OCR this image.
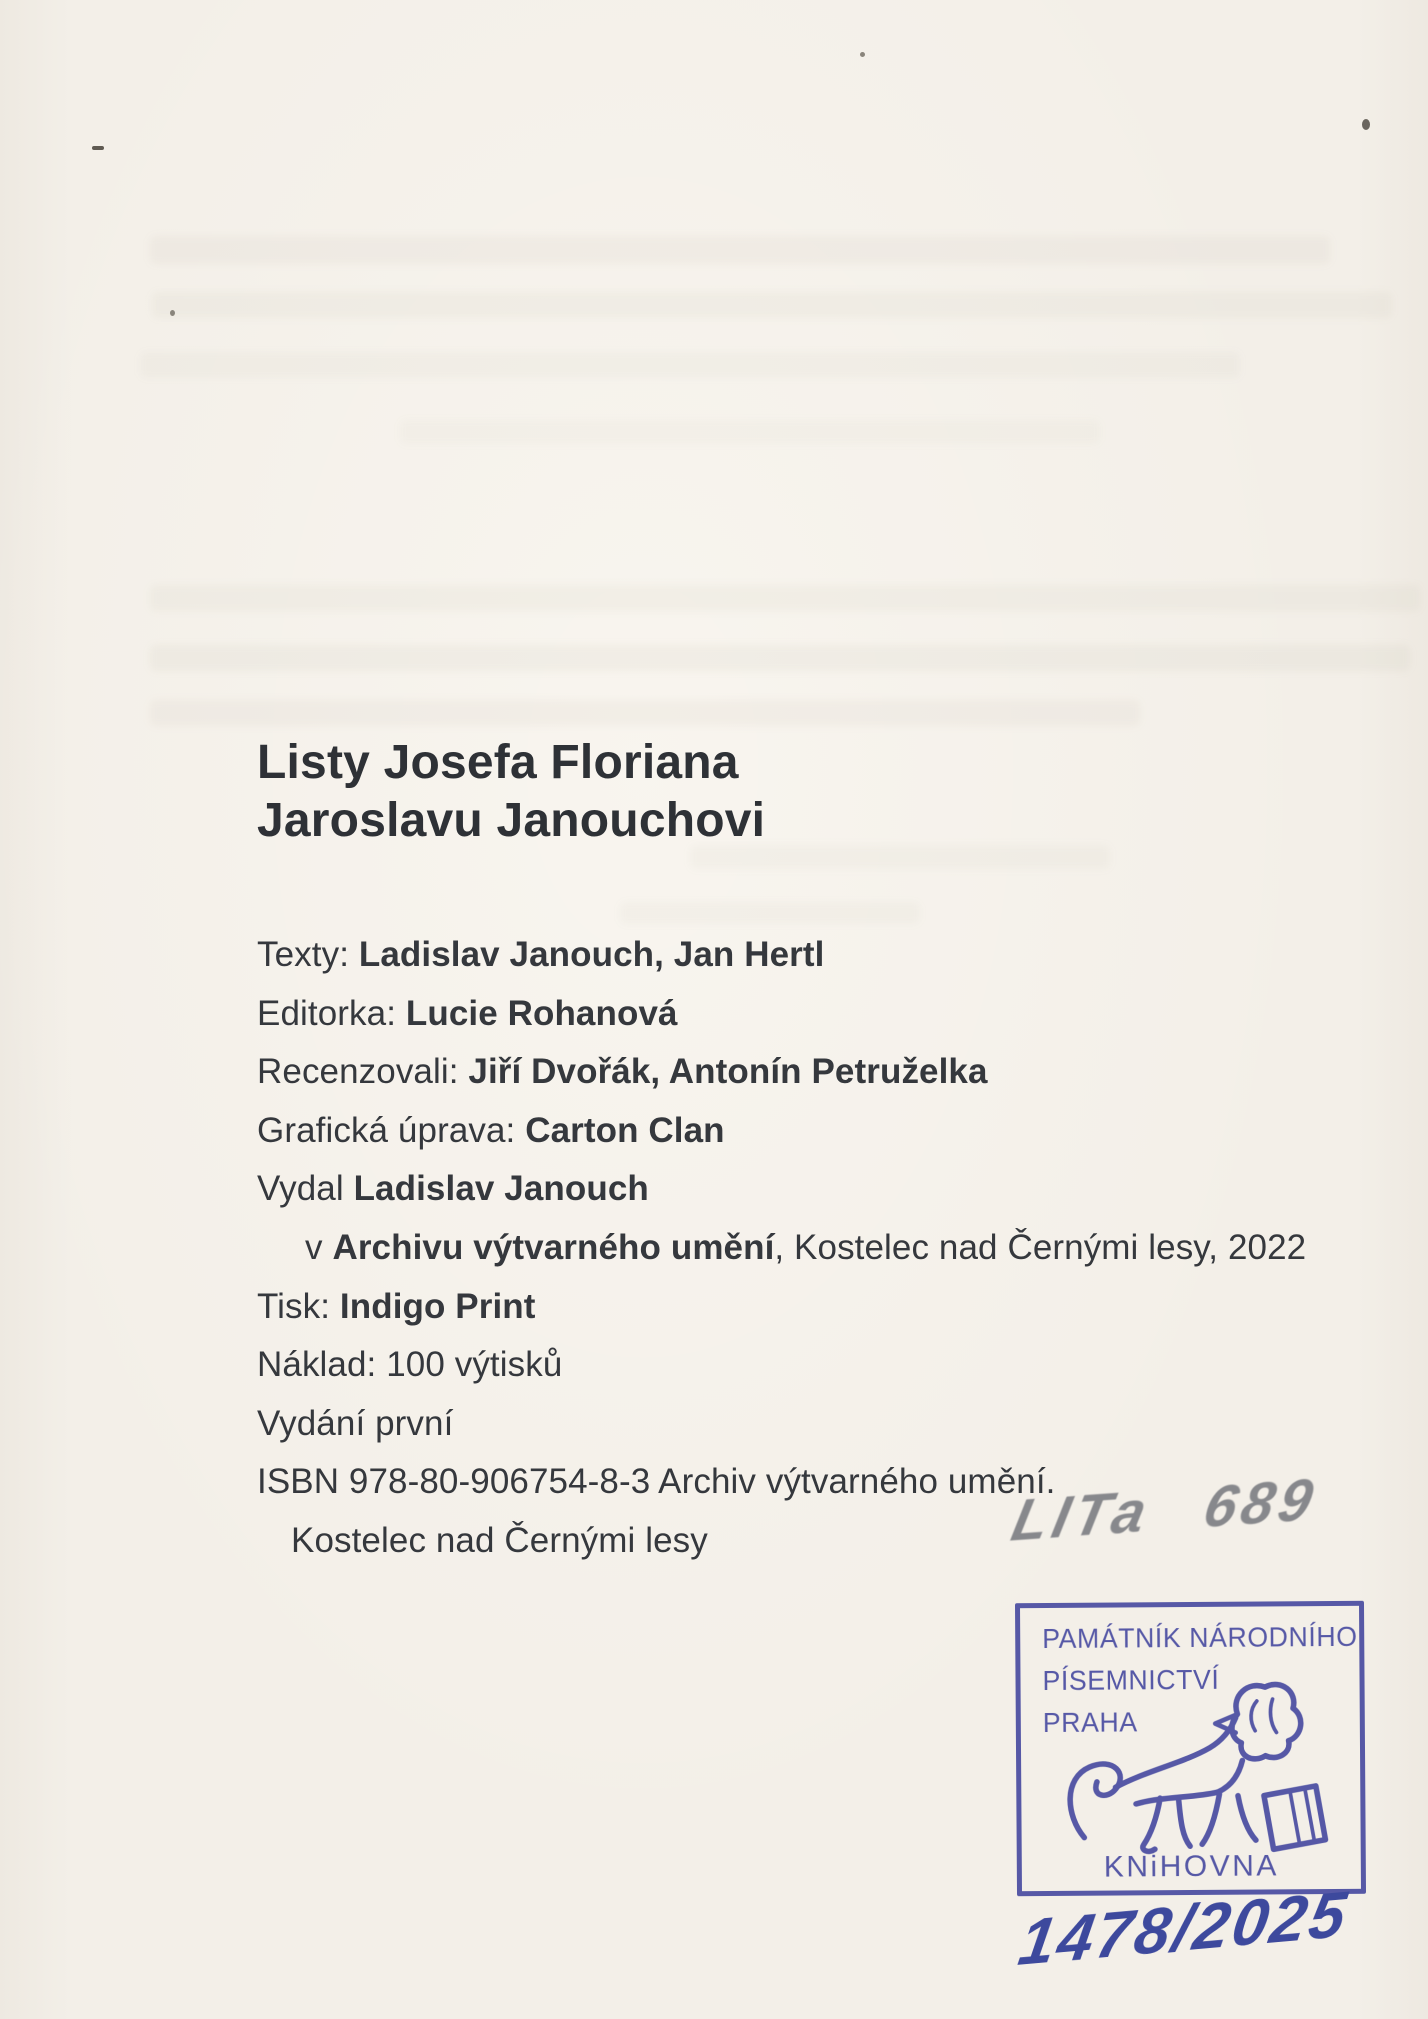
Listy Josefa Floriana
Jaroslavu Janouchovi
Texty: Ladislav Janouch, Jan Hertl
Editorka: Lucie Rohanová
Recenzovali: Jiří Dvořák, Antonín Petruželka
Grafická úprava: Carton Clan
Vydal Ladislav Janouch
v Archivu výtvarného umění, Kostelec nad Černými lesy, 2022
Tisk: Indigo Print
Náklad: 100 výtisků
Vydání první
ISBN 978-80-906754-8-3 Archiv výtvarného umění.
Kostelec nad Černými lesy	LITa 689
PAMÁTNÍK NÁRODNÍHO
PÍSEMNICTVÍ
PRAHA
KNiHOVNA
1478/2025
